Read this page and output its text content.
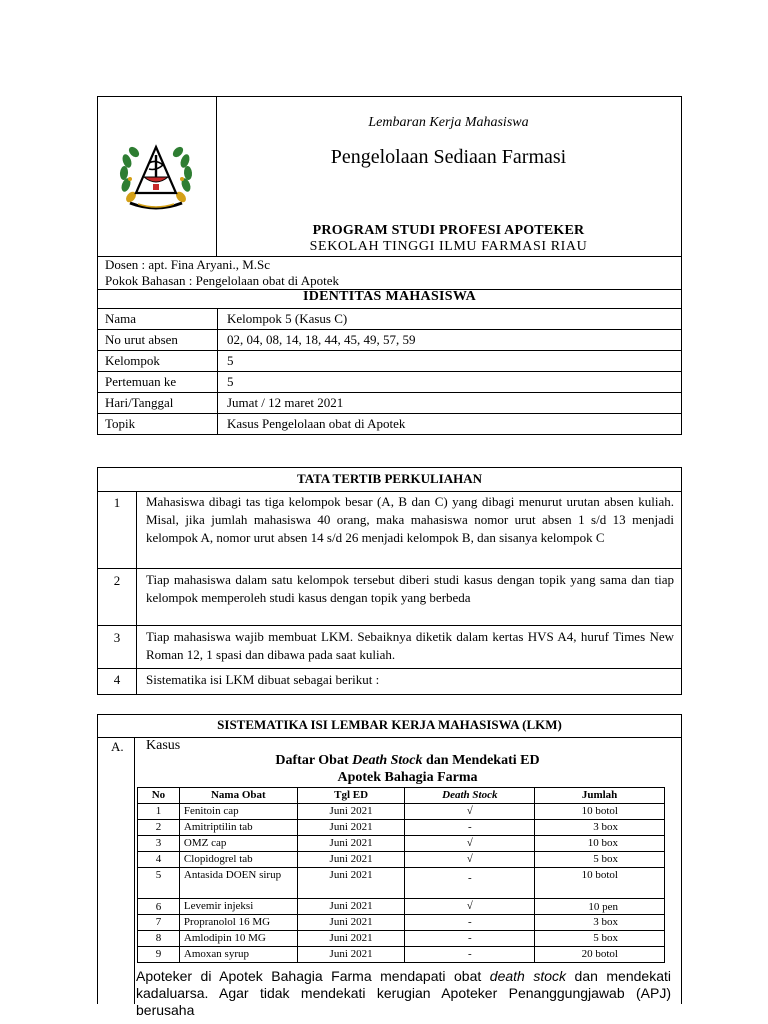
Lembaran Kerja Mahasiswa
Pengelolaan Sediaan Farmasi
PROGRAM STUDI PROFESI APOTEKER
SEKOLAH TINGGI ILMU FARMASI RIAU
Dosen : apt. Fina Aryani., M.Sc
Pokok Bahasan : Pengelolaan obat di Apotek
IDENTITAS MAHASISWA
Nama	Kelompok 5 (Kasus C)
No urut absen	02, 04, 08, 14, 18, 44, 45, 49, 57, 59
Kelompok	5
Pertemuan ke	5
Hari/Tanggal	Jumat / 12 maret 2021
Topik	Kasus Pengelolaan obat di Apotek
TATA TERTIB PERKULIAHAN
1	Mahasiswa dibagi tas tiga kelompok besar (A, B dan C) yang dibagi menurut urutan absen kuliah. Misal, jika jumlah mahasiswa 40 orang, maka mahasiswa nomor urut absen 1 s/d 13 menjadi kelompok A, nomor urut absen 14 s/d 26 menjadi kelompok B, dan sisanya kelompok C
2	Tiap mahasiswa dalam satu kelompok tersebut diberi studi kasus dengan topik yang sama dan tiap kelompok memperoleh studi kasus dengan topik yang berbeda
3	Tiap mahasiswa wajib membuat LKM. Sebaiknya diketik dalam kertas HVS A4, huruf Times New Roman 12, 1 spasi dan dibawa pada saat kuliah.
4	Sistematika isi LKM dibuat sebagai berikut :
SISTEMATIKA ISI LEMBAR KERJA MAHASISWA (LKM)
A. Kasus
Daftar Obat Death Stock dan Mendekati ED
Apotek Bahagia Farma
No	Nama Obat	Tgl ED	Death Stock	Jumlah
1	Fenitoin cap	Juni 2021	√	10 botol
2	Amitriptilin tab	Juni 2021	-	3 box
3	OMZ cap	Juni 2021	√	10 box
4	Clopidogrel tab	Juni 2021	√	5 box
5	Antasida DOEN sirup	Juni 2021	-	10 botol
6	Levemir injeksi	Juni 2021	√	10 pen
7	Propranolol 16 MG	Juni 2021	-	3 box
8	Amlodipin 10 MG	Juni 2021	-	5 box
9	Amoxan syrup	Juni 2021	-	20 botol
Apoteker di Apotek Bahagia Farma mendapati obat death stock dan mendekati kadaluarsa. Agar tidak mendekati kerugian Apoteker Penanggungjawab (APJ) berusaha
